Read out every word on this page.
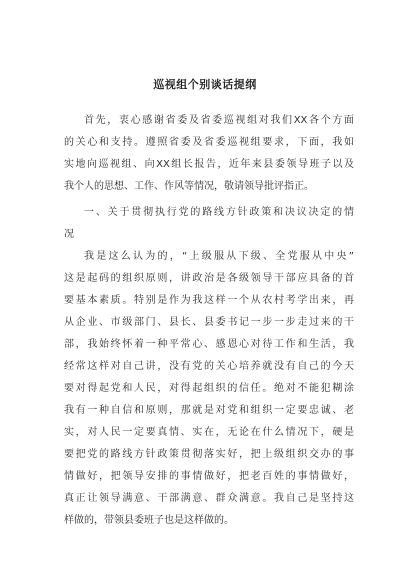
巡视组个别谈话提纲
首先，衷心感谢省委及省委巡视组对我们XX各个方面
的关心和支持。遵照省委及省委巡视组要求，下面，我如
实地向巡视组、向XX组长报告，近年来县委领导班子以及
我个人的思想、工作、作风等情况，敬请领导批评指正。
一、关于贯彻执行党的路线方针政策和决议决定的情
况
我是这么认为的，“上级服从下级、全党服从中央”
这是起码的组织原则，讲政治是各级领导干部应具备的首
要基本素质。特别是作为我这样一个从农村考学出来，再
从企业、市级部门、县长、县委书记一步一步走过来的干
部，我始终怀着一种平常心、感恩心对待工作和生活，我
经常这样对自己讲，没有党的关心培养就没有自己的今天
要对得起党和人民，对得起组织的信任。绝对不能犯糊涂
我有一种自信和原则，那就是对党和组织一定要忠诚、老
实，对人民一定要真情、实在，无论在什么情况下，硬是
要把党的路线方针政策贯彻落实好，把上级组织交办的事
情做好，把领导安排的事情做好，把老百姓的事情做好，
真正让领导满意、干部满意、群众满意。我自己是坚持这
样做的，带领县委班子也是这样做的。
